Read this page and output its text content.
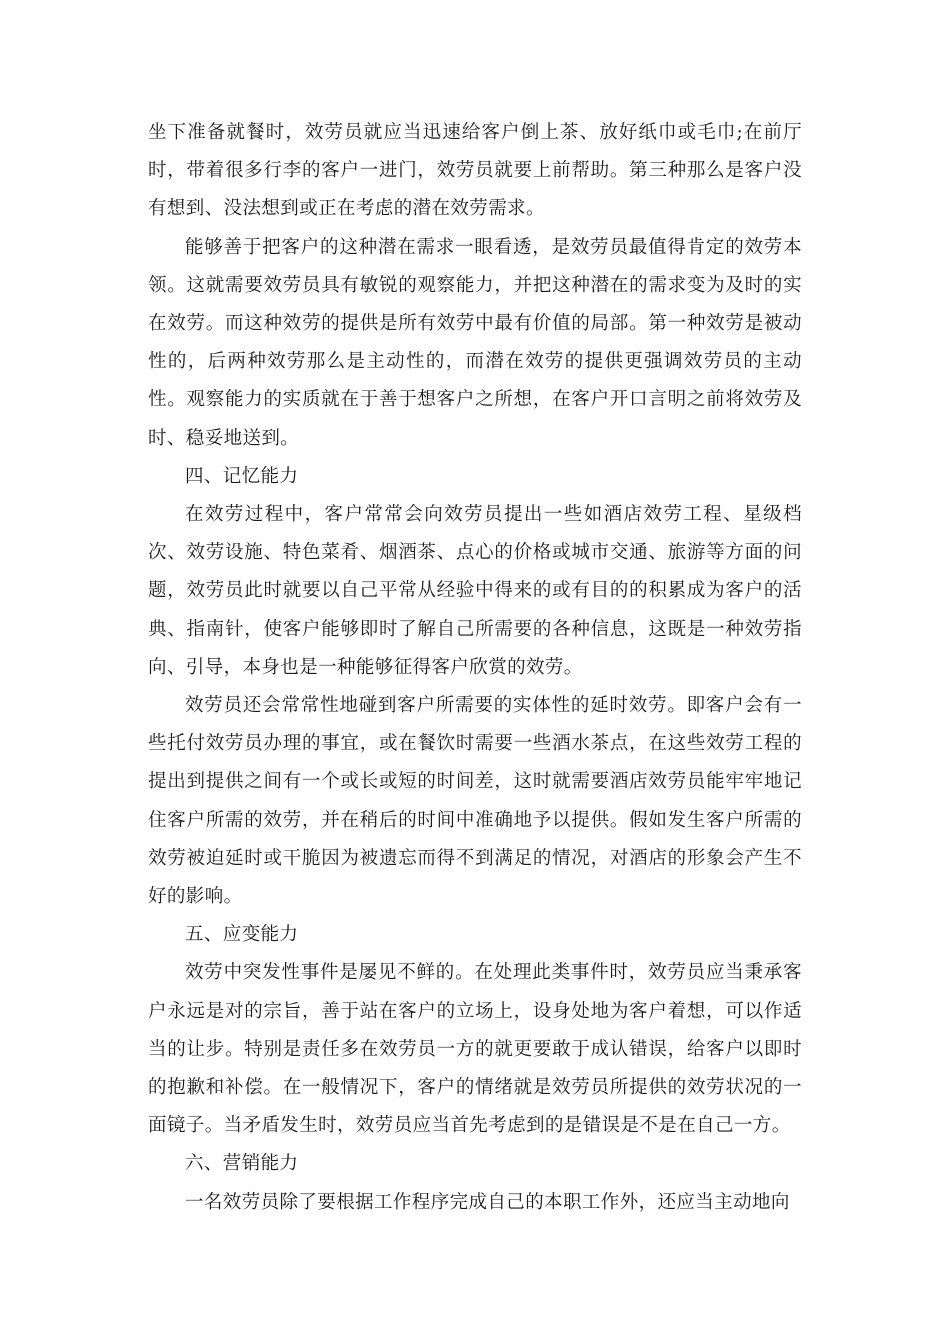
坐下准备就餐时，效劳员就应当迅速给客户倒上茶、放好纸巾或毛巾;在前厅时，带着很多行李的客户一进门，效劳员就要上前帮助。第三种那么是客户没有想到、没法想到或正在考虑的潜在效劳需求。

能够善于把客户的这种潜在需求一眼看透，是效劳员最值得肯定的效劳本领。这就需要效劳员具有敏锐的观察能力，并把这种潜在的需求变为及时的实在效劳。而这种效劳的提供是所有效劳中最有价值的局部。第一种效劳是被动性的，后两种效劳那么是主动性的，而潜在效劳的提供更强调效劳员的主动性。观察能力的实质就在于善于想客户之所想，在客户开口言明之前将效劳及时、稳妥地送到。

四、记忆能力

在效劳过程中，客户常常会向效劳员提出一些如酒店效劳工程、星级档次、效劳设施、特色菜肴、烟酒茶、点心的价格或城市交通、旅游等方面的问题，效劳员此时就要以自己平常从经验中得来的或有目的的积累成为客户的活典、指南针，使客户能够即时了解自己所需要的各种信息，这既是一种效劳指向、引导，本身也是一种能够征得客户欣赏的效劳。

效劳员还会常常性地碰到客户所需要的实体性的延时效劳。即客户会有一些托付效劳员办理的事宜，或在餐饮时需要一些酒水茶点，在这些效劳工程的提出到提供之间有一个或长或短的时间差，这时就需要酒店效劳员能牢牢地记住客户所需的效劳，并在稍后的时间中准确地予以提供。假如发生客户所需的效劳被迫延时或干脆因为被遗忘而得不到满足的情况，对酒店的形象会产生不好的影响。

五、应变能力

效劳中突发性事件是屡见不鲜的。在处理此类事件时，效劳员应当秉承客户永远是对的宗旨，善于站在客户的立场上，设身处地为客户着想，可以作适当的让步。特别是责任多在效劳员一方的就更要敢于成认错误，给客户以即时的抱歉和补偿。在一般情况下，客户的情绪就是效劳员所提供的效劳状况的一面镜子。当矛盾发生时，效劳员应当首先考虑到的是错误是不是在自己一方。

六、营销能力

一名效劳员除了要根据工作程序完成自己的本职工作外，还应当主动地向
